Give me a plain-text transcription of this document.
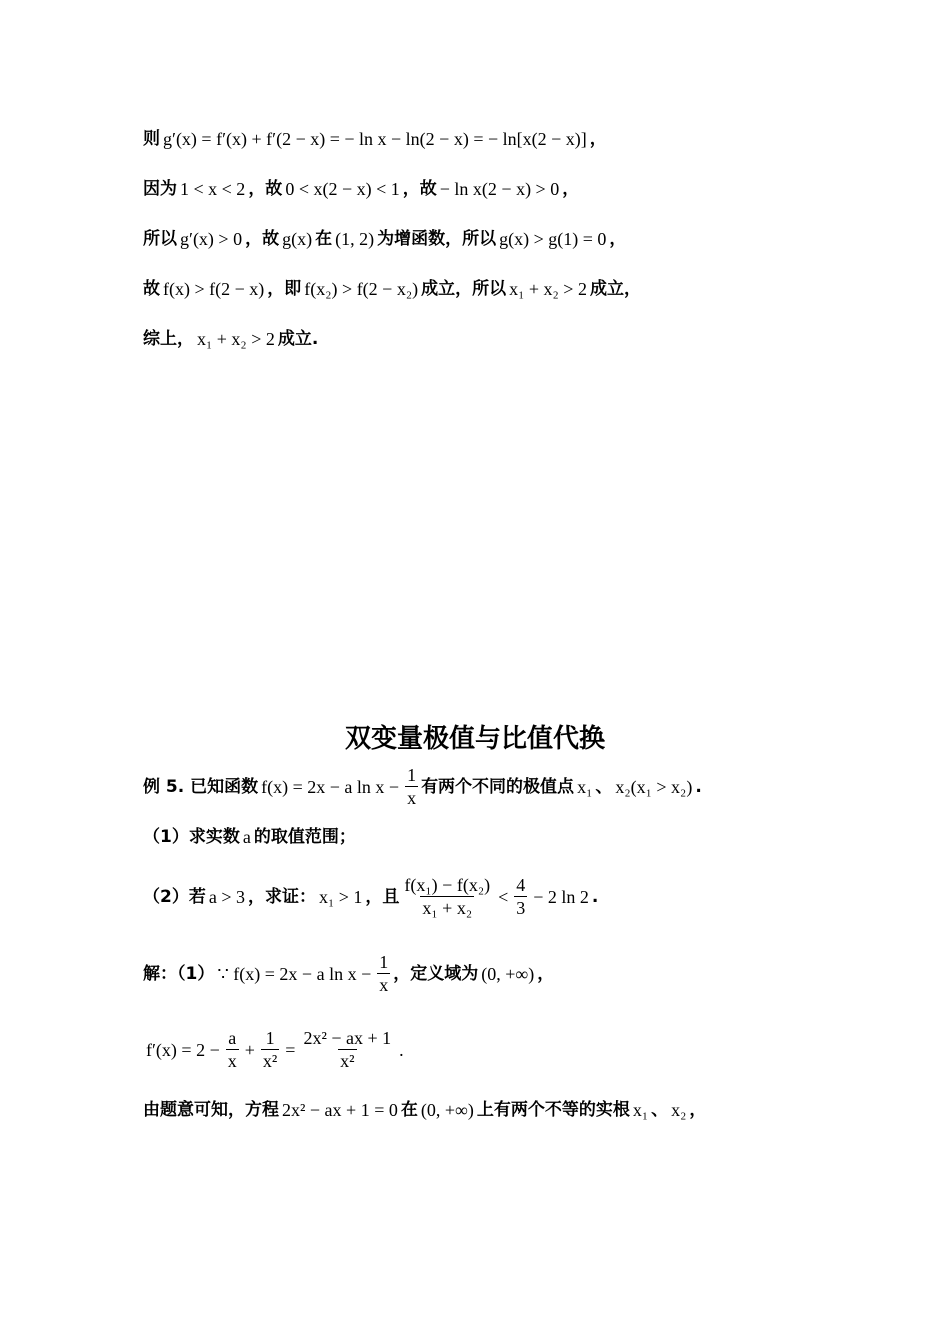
则 g′(x) = f′(x) + f′(2 − x) = − ln x − ln(2 − x) = − ln[x(2 − x)] ，
因为 1 < x < 2 ，故 0 < x(2 − x) < 1 ，故 − ln x(2 − x) > 0 ，
所以 g′(x) > 0 ，故 g(x) 在 (1, 2) 为增函数，所以 g(x) > g(1) = 0 ，
故 f(x) > f(2 − x) ，即 f(x₂) > f(2 − x₂) 成立，所以 x₁ + x₂ > 2 成立，
综上， x₁ + x₂ > 2 成立.
双变量极值与比值代换
例 5. 已知函数 f(x) = 2x − a $\ln x - \frac{1}{x}$ 有两个不同的极值点 x₁ 、 x₂(x₁ > x₂) .
（1）求实数 a 的取值范围；
（2）若 a > 3 ，求证： x₁ > 1 ，且 $\frac{\text{f(x₁) − f(x₂)}}{\text{x₁ + x₂}} < \frac{4}{3} - 2$ ln 2 .
解：（1） ∵ f(x) = 2x − a $\ln x - \frac{1}{x}$ ，定义域为 (0, +∞) ，
$f'(x) = 2 - \frac{a}{x} + \frac{1}{\text{x²}} = \frac{\text{2x² − ax + 1}}{\text{x²}}$ .
由题意可知，方程 2x² − ax + 1 = 0 在 (0, +∞) 上有两个不等的实根 x₁ 、 x₂ ，
